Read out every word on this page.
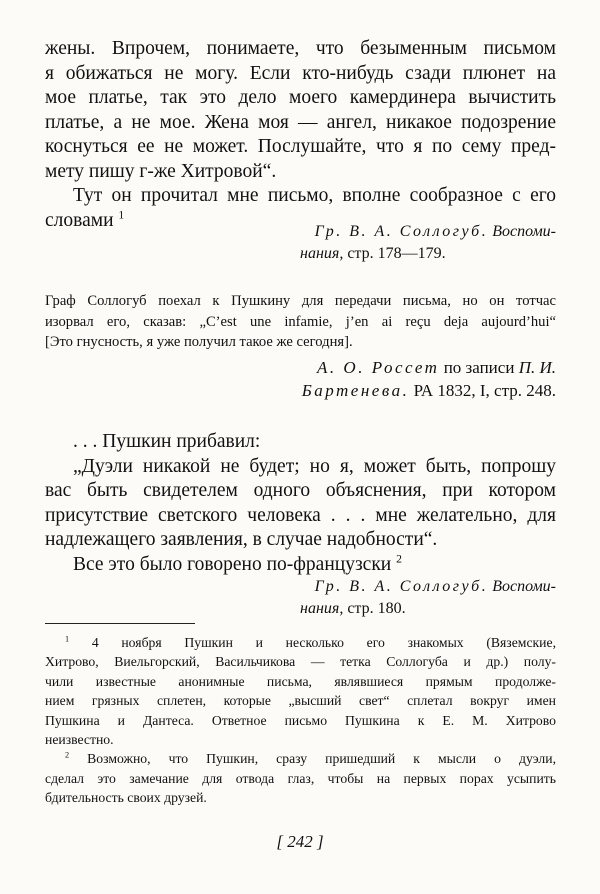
жены. Впрочем, понимаете, что безыменным письмом
я обижаться не могу. Если кто-нибудь сзади плюнет на
мое платье, так это дело моего камердинера вычистить
платье, а не мое. Жена моя — ангел, никакое подозрение
коснуться ее не может. Послушайте, что я по сему пред-
мету пишу г-же Хитровой“.
Тут он прочитал мне письмо, вполне сообразное с его
словами $^1$
Гр. В. А. Соллогуб. Воспоми-
нания, стр. 178—179.
Граф Соллогуб поехал к Пушкину для передачи письма, но он тотчас
изорвал его, сказав: „C’est une infamie, j’en ai reçu deja aujourd’hui“
[Это гнусность, я уже получил такое же сегодня].
А. О. Россет по записи П. И.
Бартенева. РА 1832, I, стр. 248.
. . . Пушкин прибавил:
„Дуэли никакой не будет; но я, может быть, попрошу
вас быть свидетелем одного объяснения, при котором
присутствие светского человека . . . мне желательно, для
надлежащего заявления, в случае надобности“.
Все это было говорено по-французски $^2$
Гр. В. А. Соллогуб. Воспоми-
нания, стр. 180.
$^1$ 4 ноября Пушкин и несколько его знакомых (Вяземские,
Хитрово, Виельгорский, Васильчикова — тетка Соллогуба и др.) полу-
чили известные анонимные письма, являвшиеся прямым продолже-
нием грязных сплетен, которые „высший свет“ сплетал вокруг имен
Пушкина и Дантеса. Ответное письмо Пушкина к Е. М. Хитрово
неизвестно.
$^2$ Возможно, что Пушкин, сразу пришедший к мысли о дуэли,
сделал это замечание для отвода глаз, чтобы на первых порах усыпить
бдительность своих друзей.
[ 242 ]
